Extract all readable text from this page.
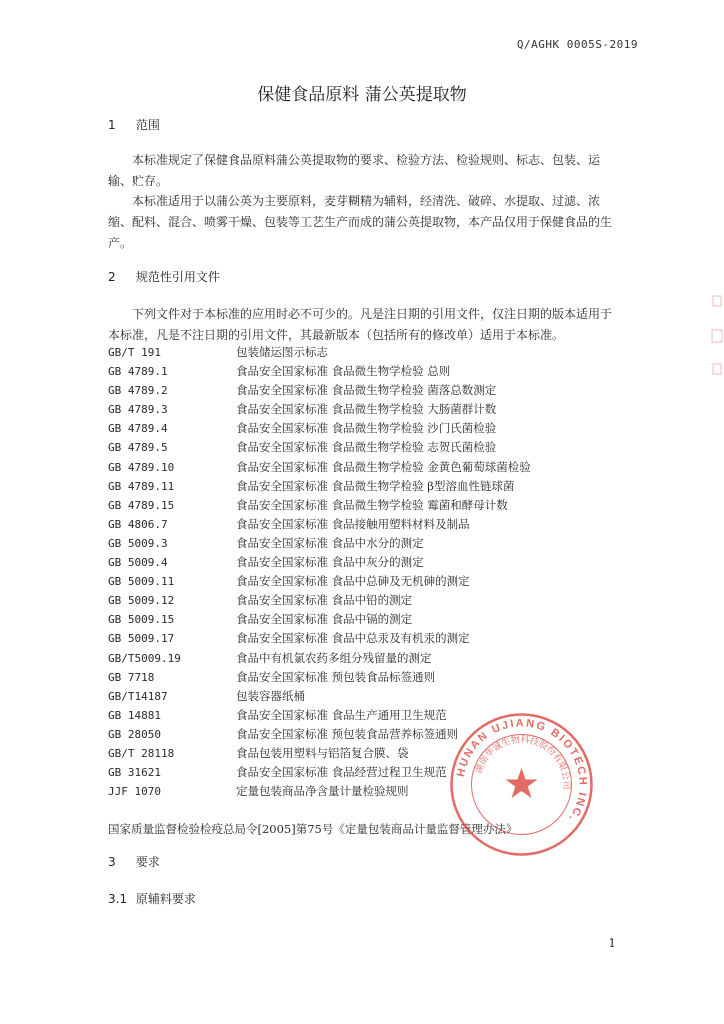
Q/AGHK 0005S-2019
保健食品原料 蒲公英提取物
1 范围
本标准规定了保健食品原料蒲公英提取物的要求、检验方法、检验规则、标志、包装、运输、贮存。
本标准适用于以蒲公英为主要原料，麦芽糊精为辅料，经清洗、破碎、水提取、过滤、浓缩、配料、混合、喷雾干燥、包装等工艺生产而成的蒲公英提取物，本产品仅用于保健食品的生产。
2 规范性引用文件
下列文件对于本标准的应用时必不可少的。凡是注日期的引用文件，仅注日期的版本适用于本标准，凡是不注日期的引用文件，其最新版本（包括所有的修改单）适用于本标准。
GB/T 191	包装储运图示标志
GB 4789.1	食品安全国家标准 食品微生物学检验 总则
GB 4789.2	食品安全国家标准 食品微生物学检验 菌落总数测定
GB 4789.3	食品安全国家标准 食品微生物学检验 大肠菌群计数
GB 4789.4	食品安全国家标准 食品微生物学检验 沙门氏菌检验
GB 4789.5	食品安全国家标准 食品微生物学检验 志贺氏菌检验
GB 4789.10	食品安全国家标准 食品微生物学检验 金黄色葡萄球菌检验
GB 4789.11	食品安全国家标准 食品微生物学检验 β型溶血性链球菌
GB 4789.15	食品安全国家标准 食品微生物学检验 霉菌和酵母计数
GB 4806.7	食品安全国家标准 食品接触用塑料材料及制品
GB 5009.3	食品安全国家标准 食品中水分的测定
GB 5009.4	食品安全国家标准 食品中灰分的测定
GB 5009.11	食品安全国家标准 食品中总砷及无机砷的测定
GB 5009.12	食品安全国家标准 食品中铅的测定
GB 5009.15	食品安全国家标准 食品中镉的测定
GB 5009.17	食品安全国家标准 食品中总汞及有机汞的测定
GB/T5009.19	食品中有机氯农药多组分残留量的测定
GB 7718	食品安全国家标准 预包装食品标签通则
GB/T14187	包装容器纸桶
GB 14881	食品安全国家标准 食品生产通用卫生规范
GB 28050	食品安全国家标准 预包装食品营养标签通则
GB/T 28118	食品包装用塑料与铝箔复合膜、袋
GB 31621	食品安全国家标准 食品经营过程卫生规范
JJF 1070	定量包装商品净含量计量检验规则
国家质量监督检验检疫总局令[2005]第75号《定量包装商品计量监督管理办法》
3 要求
3.1 原辅料要求
1
HUNAN UJIANG BIOTECH INC.
湖南华诚生物科技股份有限公司
